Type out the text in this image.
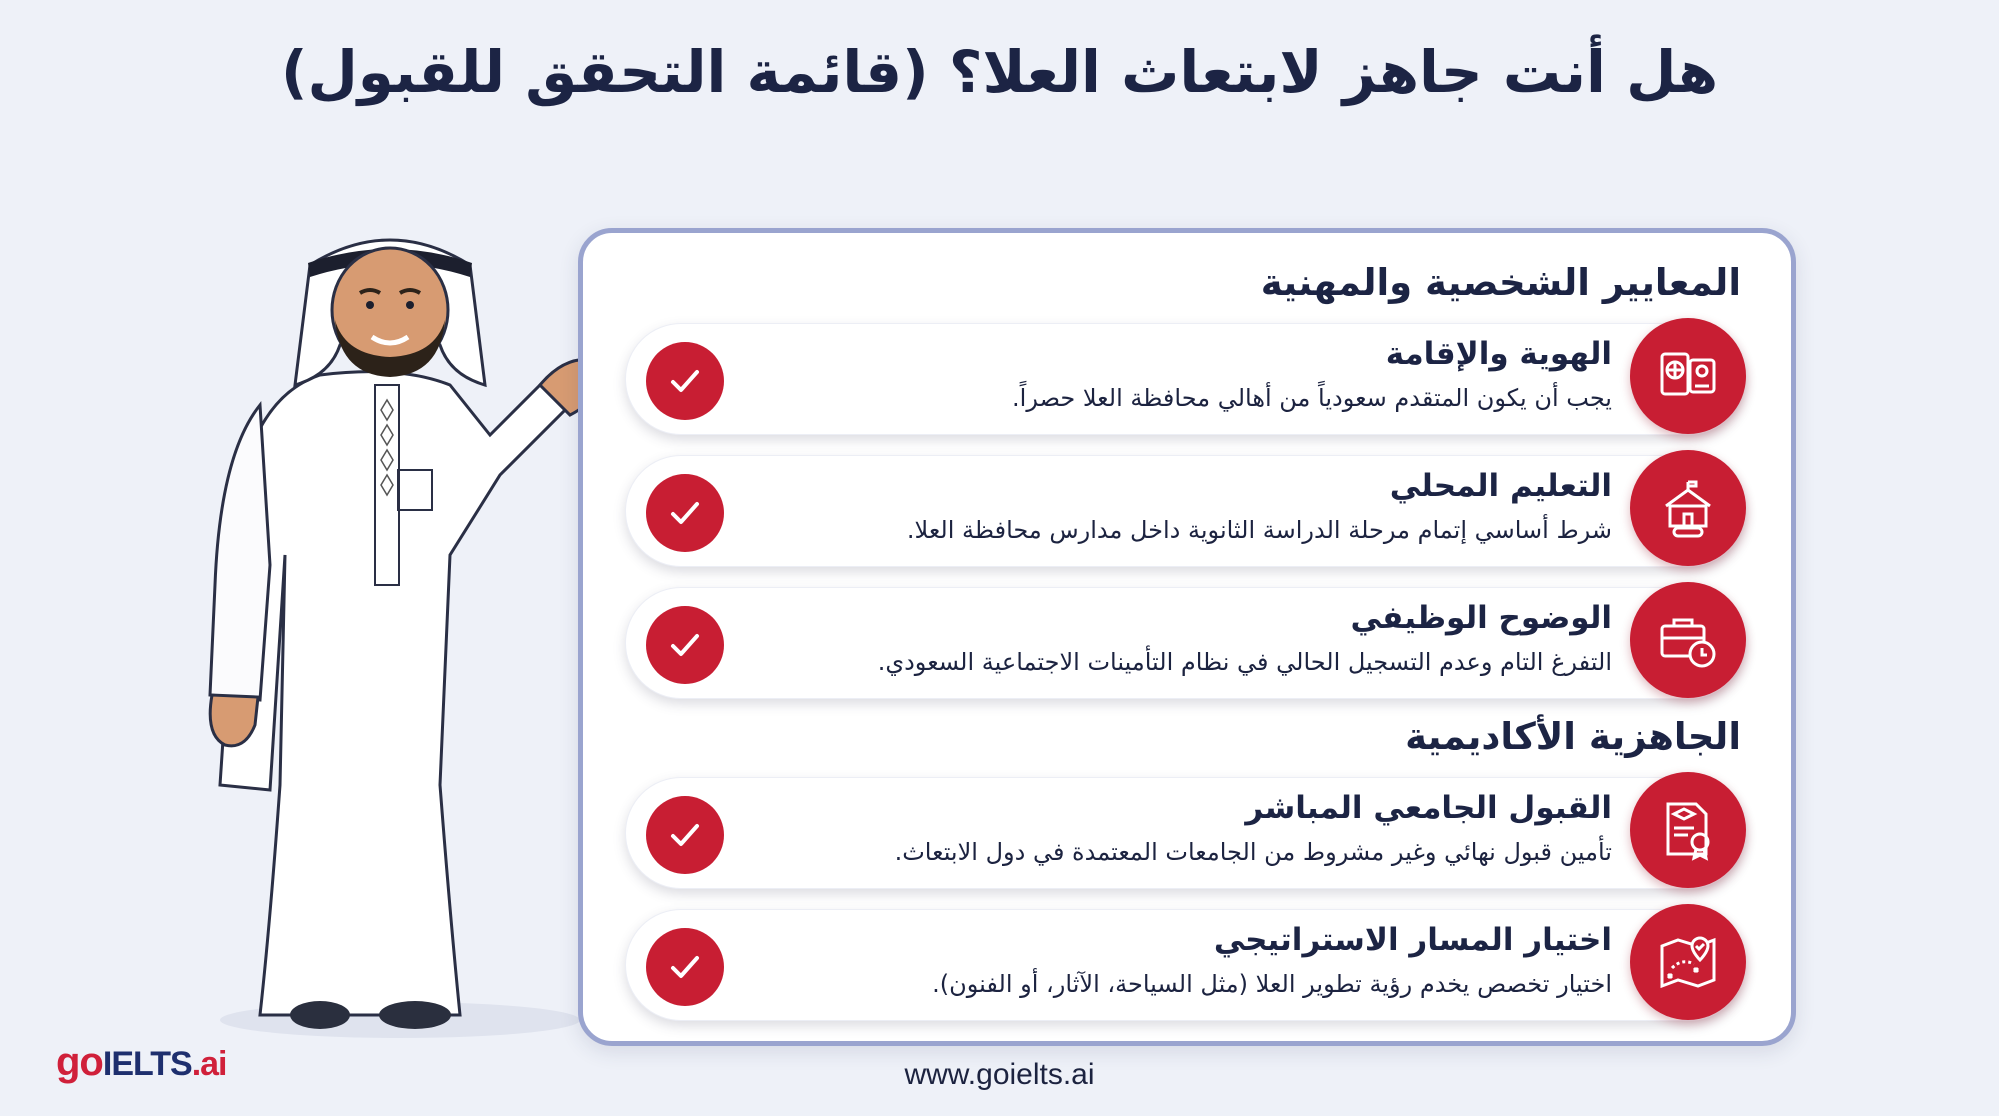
هل أنت جاهز لابتعاث العلا؟ (قائمة التحقق للقبول)
المعايير الشخصية والمهنية
الهوية والإقامة
يجب أن يكون المتقدم سعودياً من أهالي محافظة العلا حصراً.
التعليم المحلي
شرط أساسي إتمام مرحلة الدراسة الثانوية داخل مدارس محافظة العلا.
الوضوح الوظيفي
التفرغ التام وعدم التسجيل الحالي في نظام التأمينات الاجتماعية السعودي.
الجاهزية الأكاديمية
القبول الجامعي المباشر
تأمين قبول نهائي وغير مشروط من الجامعات المعتمدة في دول الابتعاث.
اختيار المسار الاستراتيجي
اختيار تخصص يخدم رؤية تطوير العلا (مثل السياحة، الآثار، أو الفنون).
goIELTS.ai	www.goielts.ai
